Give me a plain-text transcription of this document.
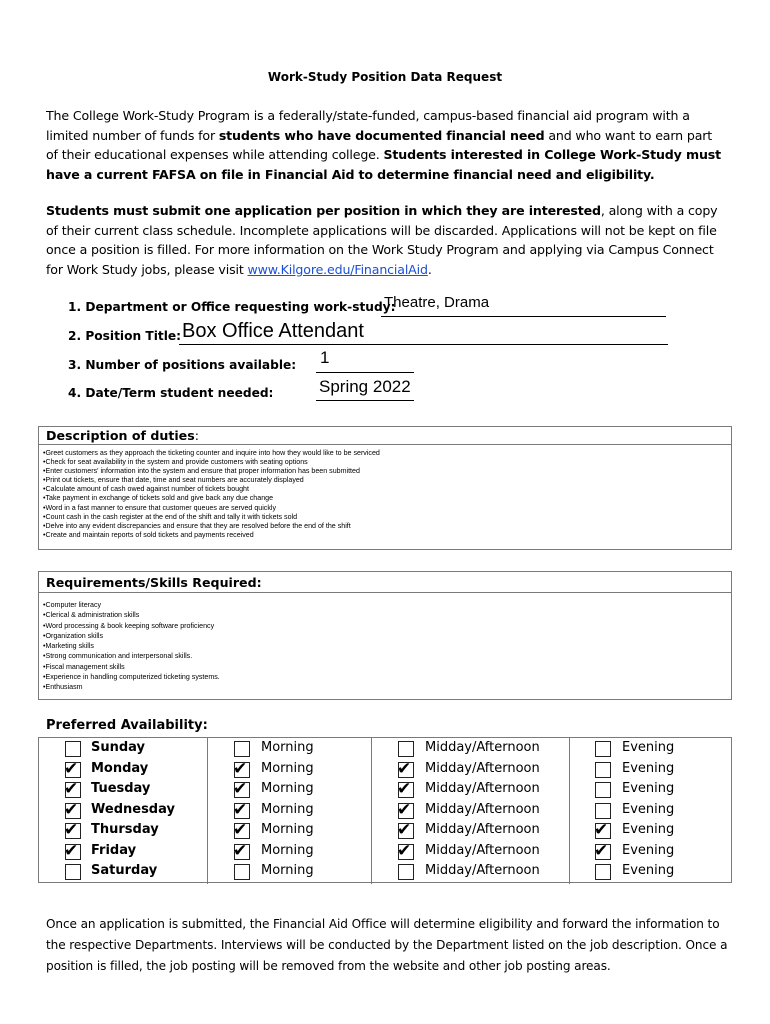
Work-Study Position Data Request
The College Work-Study Program is a federally/state-funded, campus-based financial aid program with a limited number of funds for students who have documented financial need and who want to earn part of their educational expenses while attending college. Students interested in College Work-Study must have a current FAFSA on file in Financial Aid to determine financial need and eligibility.
Students must submit one application per position in which they are interested, along with a copy of their current class schedule. Incomplete applications will be discarded. Applications will not be kept on file once a position is filled. For more information on the Work Study Program and applying via Campus Connect for Work Study jobs, please visit www.Kilgore.edu/FinancialAid.
1. Department or Office requesting work-study:
Theatre, Drama
2. Position Title: Box Office Attendant
3. Number of positions available: 1
4. Date/Term student needed:	Spring 2022
Description of duties:
• Greet customers as they approach the ticketing counter and inquire into how they would like to be serviced
• Check for seat availability in the system and provide customers with seating options
• Enter customers' information into the system and ensure that proper information has been submitted
• Print out tickets, ensure that date, time and seat numbers are accurately displayed
• Calculate amount of cash owed against number of tickets bought
• Take payment in exchange of tickets sold and give back any due change
• Word in a fast manner to ensure that customer queues are served quickly
• Count cash in the cash register at the end of the shift and tally it with tickets sold
• Delve into any evident discrepancies and ensure that they are resolved before the end of the shift
• Create and maintain reports of sold tickets and payments received
Requirements/Skills Required:
• Computer literacy
• Clerical & administration skills
• Word processing & book keeping software proficiency
• Organization skills
• Marketing skills
• Strong communication and interpersonal skills.
• Fiscal management skills
• Experience in handling computerized ticketing systems.
• Enthusiasm
Preferred Availability:
Sunday
✔ Monday
✔ Tuesday
✔ Wednesday
✔ Thursday
✔ Friday
Saturday
Morning
✔ Morning
✔ Morning
✔ Morning
✔ Morning
✔ Morning
Morning
Midday/Afternoon
✔ Midday/Afternoon
✔ Midday/Afternoon
✔ Midday/Afternoon
✔ Midday/Afternoon
✔ Midday/Afternoon
Midday/Afternoon
Evening
Evening
Evening
Evening
✔ Evening
✔ Evening
Evening
Once an application is submitted, the Financial Aid Office will determine eligibility and forward the information to the respective Departments. Interviews will be conducted by the Department listed on the job description. Once a position is filled, the job posting will be removed from the website and other job posting areas.
